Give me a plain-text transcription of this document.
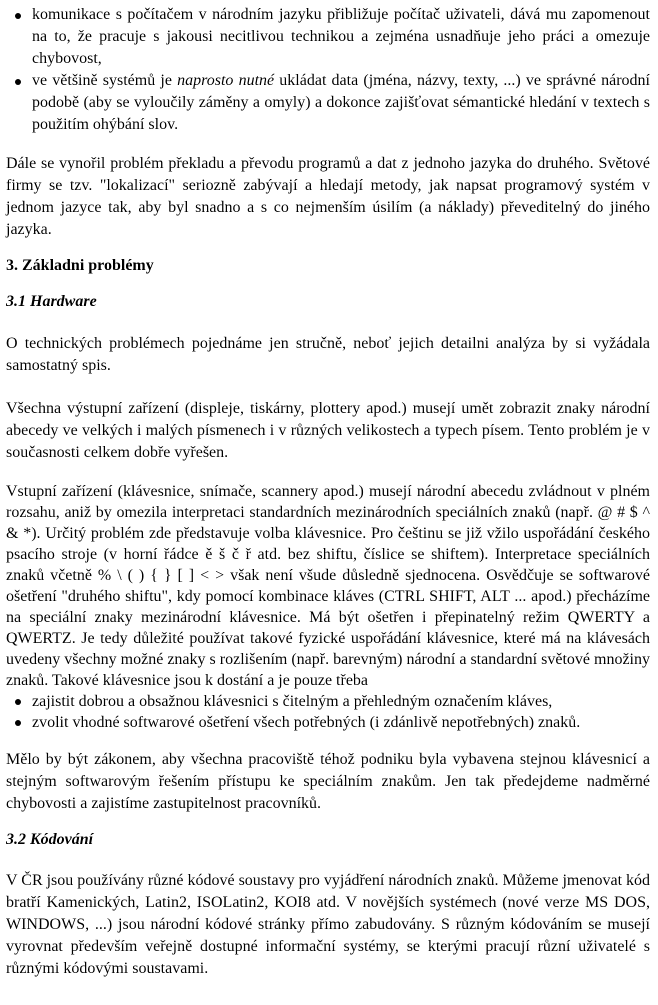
komunikace s počítačem v národním jazyku přibližuje počítač uživateli, dává mu zapomenout na to, že pracuje s jakousi necitlivou technikou a zejména usnadňuje jeho práci a omezuje chybovost,
ve většině systémů je naprosto nutné ukládat data (jména, názvy, texty, ...) ve správné národní podobě (aby se vyloučily záměny a omyly) a dokonce zajišťovat sémantické hledání v textech s použitím ohýbání slov.

Dále se vynořil problém překladu a převodu programů a dat z jednoho jazyka do druhého. Světové firmy se tzv. "lokalizací" seriozně zabývají a hledají metody, jak napsat programový systém v jednom jazyce tak, aby byl snadno a s co nejmenším úsilím (a náklady) převeditelný do jiného jazyka.

3. Základni problémy
3.1 Hardware

O technických problémech pojednáme jen stručně, neboť jejich detailni analýza by si vyžádala samostatný spis.

Všechna výstupní zařízení (displeje, tiskárny, plottery apod.) musejí umět zobrazit znaky národní abecedy ve velkých i malých písmenech i v různých velikostech a typech písem. Tento problém je v současnosti celkem dobře vyřešen.

Vstupní zařízení (klávesnice, snímače, scannery apod.) musejí národní abecedu zvládnout v plném rozsahu, aniž by omezila interpretaci standardních mezinárodních speciálních znaků (např. @ # $ ^ & *). Určitý problém zde představuje volba klávesnice. Pro češtinu se již vžilo uspořádání českého psacího stroje (v horní řádce ě š č ř atd. bez shiftu, číslice se shiftem). Interpretace speciálních znaků včetně % \ ( ) { } [ ] < > však není všude důsledně sjednocena. Osvědčuje se softwarové ošetření "druhého shiftu", kdy pomocí kombinace kláves (CTRL SHIFT, ALT ... apod.) přecházíme na speciální znaky mezinárodní klávesnice. Má být ošetřen i přepinatelný režim QWERTY a QWERTZ. Je tedy důležité používat takové fyzické uspořádání klávesnice, které má na klávesách uvedeny všechny možné znaky s rozlišením (např. barevným) národní a standardní světové množiny znaků. Takové klávesnice jsou k dostání a je pouze třeba

zajistit dobrou a obsažnou klávesnici s čitelným a přehledným označením kláves,
zvolit vhodné softwarové ošetření všech potřebných (i zdánlivě nepotřebných) znaků.

Mělo by být zákonem, aby všechna pracoviště téhož podniku byla vybavena stejnou klávesnicí a stejným softwarovým řešením přístupu ke speciálním znakům. Jen tak předejdeme nadměrné chybovosti a zajistíme zastupitelnost pracovníků.

3.2 Kódování

V ČR jsou používány různé kódové soustavy pro vyjádření národních znaků. Můžeme jmenovat kód bratří Kamenických, Latin2, ISOLatin2, KOI8 atd. V novějších systémech (nové verze MS DOS, WINDOWS, ...) jsou národní kódové stránky přímo zabudovány. S různým kódováním se musejí vyrovnat především veřejně dostupné informační systémy, se kterými pracují různí uživatelé s různými kódovými soustavami.
